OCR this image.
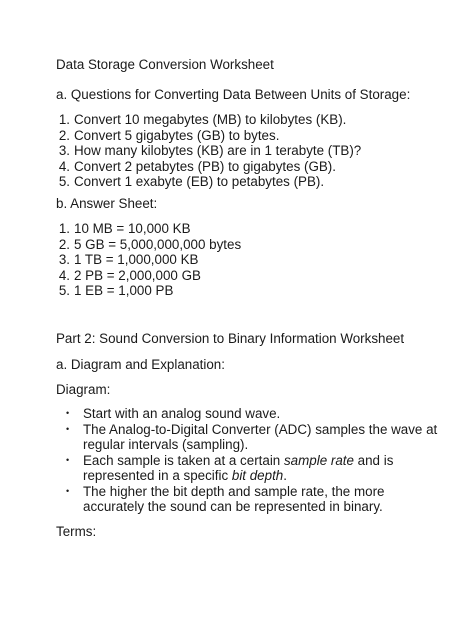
Data Storage Conversion Worksheet
a. Questions for Converting Data Between Units of Storage:
1. Convert 10 megabytes (MB) to kilobytes (KB).
2. Convert 5 gigabytes (GB) to bytes.
3. How many kilobytes (KB) are in 1 terabyte (TB)?
4. Convert 2 petabytes (PB) to gigabytes (GB).
5. Convert 1 exabyte (EB) to petabytes (PB).
b. Answer Sheet:
1. 10 MB = 10,000 KB
2. 5 GB = 5,000,000,000 bytes
3. 1 TB = 1,000,000 KB
4. 2 PB = 2,000,000 GB
5. 1 EB = 1,000 PB
Part 2: Sound Conversion to Binary Information Worksheet
a. Diagram and Explanation:
Diagram:
• Start with an analog sound wave.
• The Analog-to-Digital Converter (ADC) samples the wave at regular intervals (sampling).
• Each sample is taken at a certain sample rate and is represented in a specific bit depth.
• The higher the bit depth and sample rate, the more accurately the sound can be represented in binary.
Terms:
